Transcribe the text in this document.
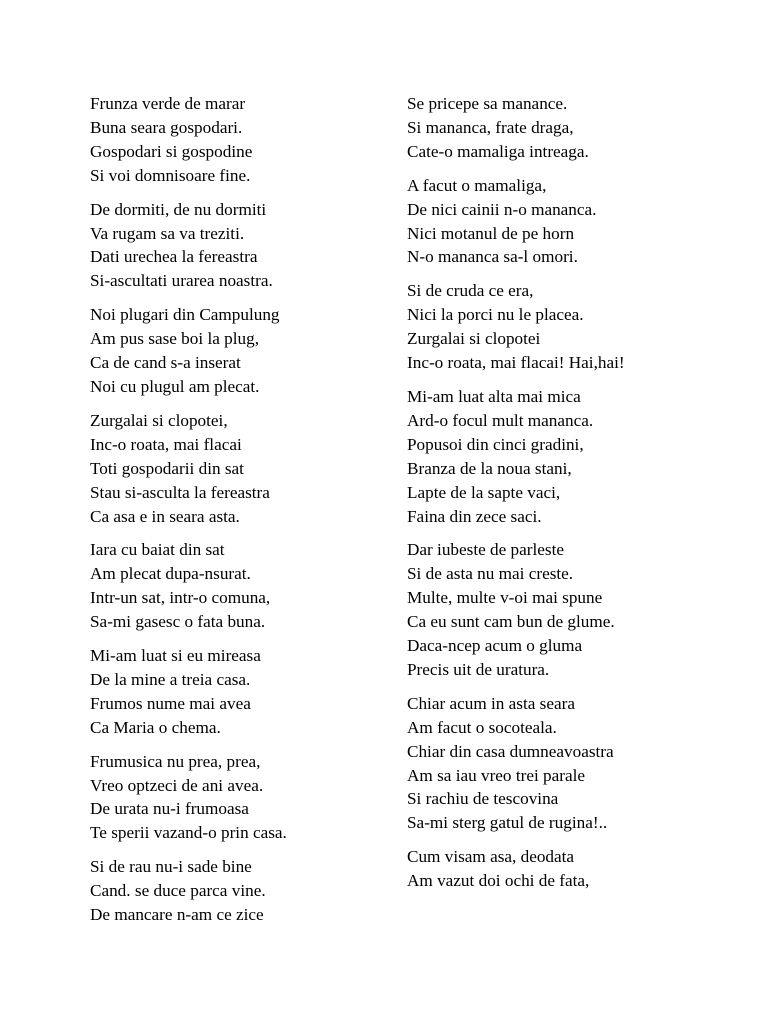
Frunza verde de marar
Buna seara gospodari.
Gospodari si gospodine
Si voi domnisoare fine.
De dormiti, de nu dormiti
Va rugam sa va treziti.
Dati urechea la fereastra
Si-ascultati urarea noastra.
Noi plugari din Campulung
Am pus sase boi la plug,
Ca de cand s-a inserat
Noi cu plugul am plecat.
Zurgalai si clopotei,
Inc-o roata, mai flacai
Toti gospodarii din sat
Stau si-asculta la fereastra
Ca asa e in seara asta.
Iara cu baiat din sat
Am plecat dupa-nsurat.
Intr-un sat, intr-o comuna,
Sa-mi gasesc o fata buna.
Mi-am luat si eu mireasa
De la mine a treia casa.
Frumos nume mai avea
Ca Maria o chema.
Frumusica nu prea, prea,
Vreo optzeci de ani avea.
De urata nu-i frumoasa
Te sperii vazand-o prin casa.
Si de rau nu-i sade bine
Cand. se duce parca vine.
De mancare n-am ce zice
Se pricepe sa manance.
Si mananca, frate draga,
Cate-o mamaliga intreaga.
A facut o mamaliga,
De nici cainii n-o mananca.
Nici motanul de pe horn
N-o mananca sa-l omori.
Si de cruda ce era,
Nici la porci nu le placea.
Zurgalai si clopotei
Inc-o roata, mai flacai! Hai,hai!
Mi-am luat alta mai mica
Ard-o focul mult mananca.
Popusoi din cinci gradini,
Branza de la noua stani,
Lapte de la sapte vaci,
Faina din zece saci.
Dar iubeste de parleste
Si de asta nu mai creste.
Multe, multe v-oi mai spune
Ca eu sunt cam bun de glume.
Daca-ncep acum o gluma
Precis uit de uratura.
Chiar acum in asta seara
Am facut o socoteala.
Chiar din casa dumneavoastra
Am sa iau vreo trei parale
Si rachiu de tescovina
Sa-mi sterg gatul de rugina!..
Cum visam asa, deodata
Am vazut doi ochi de fata,
